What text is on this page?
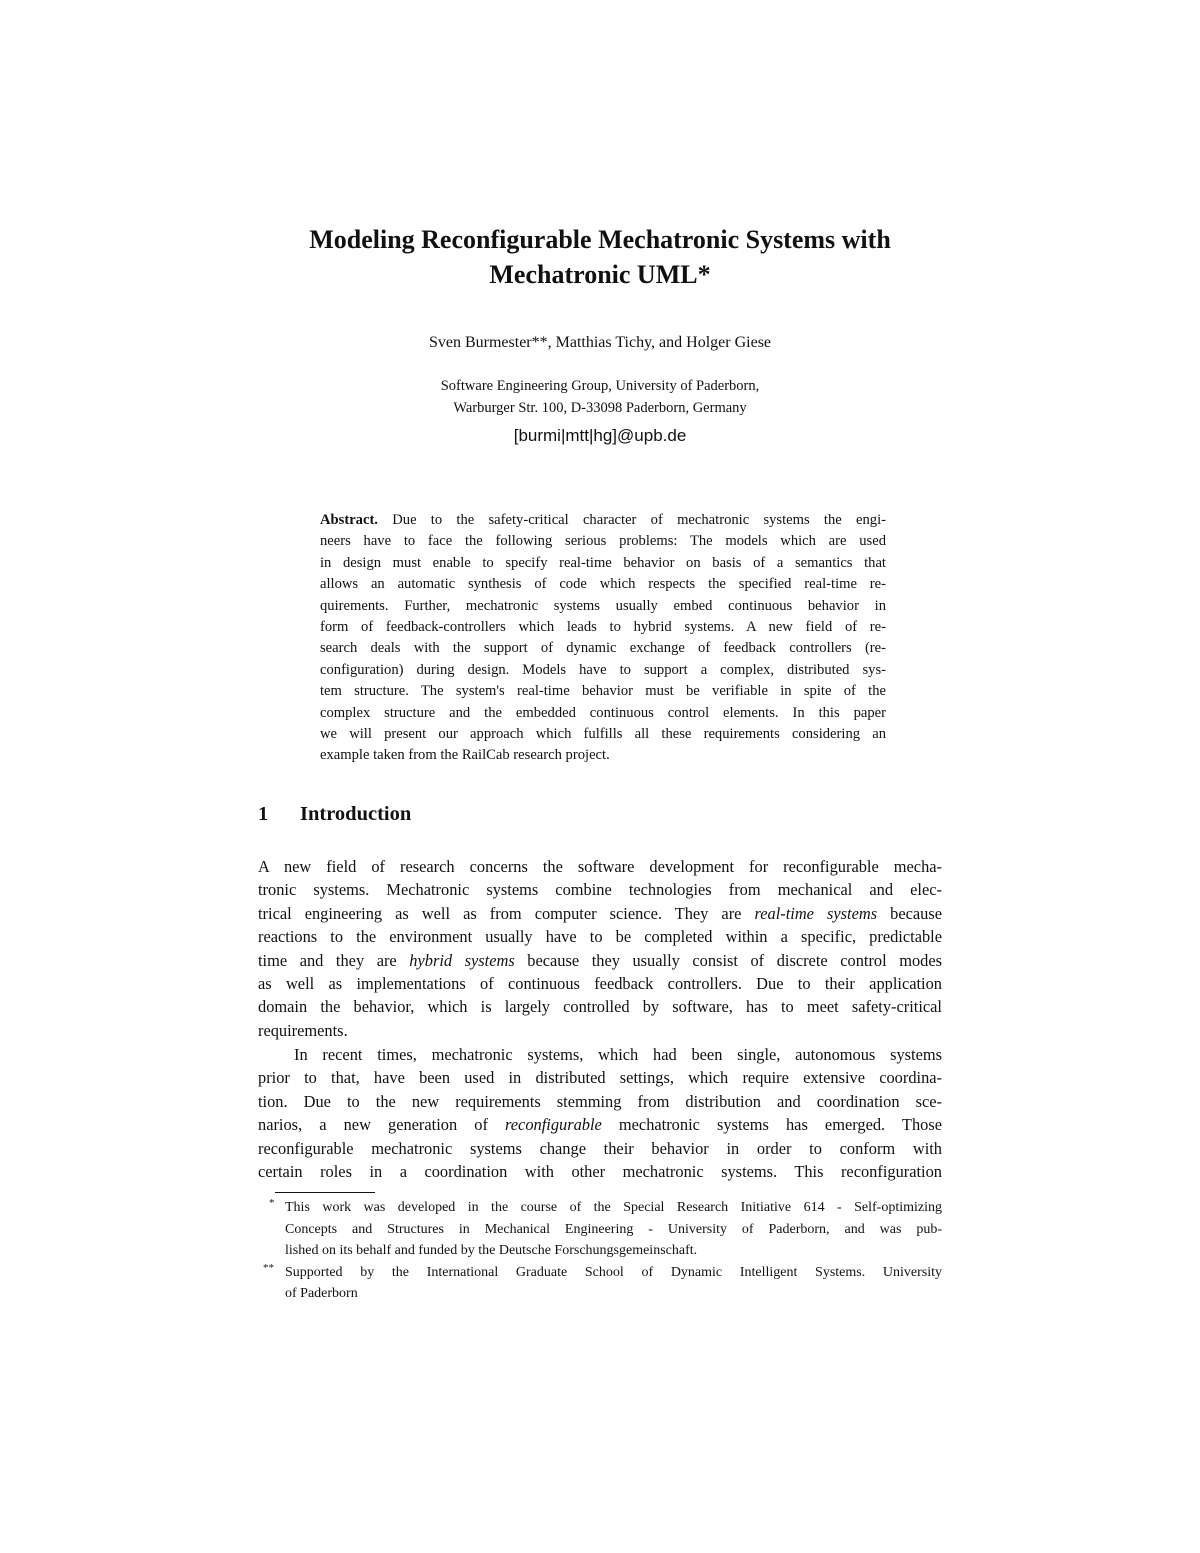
Modeling Reconfigurable Mechatronic Systems with
Mechatronic UML*
Sven Burmester**, Matthias Tichy, and Holger Giese
Software Engineering Group, University of Paderborn,
Warburger Str. 100, D-33098 Paderborn, Germany
[burmi|mtt|hg]@upb.de
Abstract. Due to the safety-critical character of mechatronic systems the engi-
neers have to face the following serious problems: The models which are used
in design must enable to specify real-time behavior on basis of a semantics that
allows an automatic synthesis of code which respects the specified real-time re-
quirements. Further, mechatronic systems usually embed continuous behavior in
form of feedback-controllers which leads to hybrid systems. A new field of re-
search deals with the support of dynamic exchange of feedback controllers (re-
configuration) during design. Models have to support a complex, distributed sys-
tem structure. The system's real-time behavior must be verifiable in spite of the
complex structure and the embedded continuous control elements. In this paper
we will present our approach which fulfills all these requirements considering an
example taken from the RailCab research project.
1 Introduction
A new field of research concerns the software development for reconfigurable mecha-
tronic systems. Mechatronic systems combine technologies from mechanical and elec-
trical engineering as well as from computer science. They are real-time systems because
reactions to the environment usually have to be completed within a specific, predictable
time and they are hybrid systems because they usually consist of discrete control modes
as well as implementations of continuous feedback controllers. Due to their application
domain the behavior, which is largely controlled by software, has to meet safety-critical
requirements.
In recent times, mechatronic systems, which had been single, autonomous systems
prior to that, have been used in distributed settings, which require extensive coordina-
tion. Due to the new requirements stemming from distribution and coordination sce-
narios, a new generation of reconfigurable mechatronic systems has emerged. Those
reconfigurable mechatronic systems change their behavior in order to conform with
certain roles in a coordination with other mechatronic systems. This reconfiguration
* This work was developed in the course of the Special Research Initiative 614 - Self-optimizing
Concepts and Structures in Mechanical Engineering - University of Paderborn, and was pub-
lished on its behalf and funded by the Deutsche Forschungsgemeinschaft.
** Supported by the International Graduate School of Dynamic Intelligent Systems. University
of Paderborn
